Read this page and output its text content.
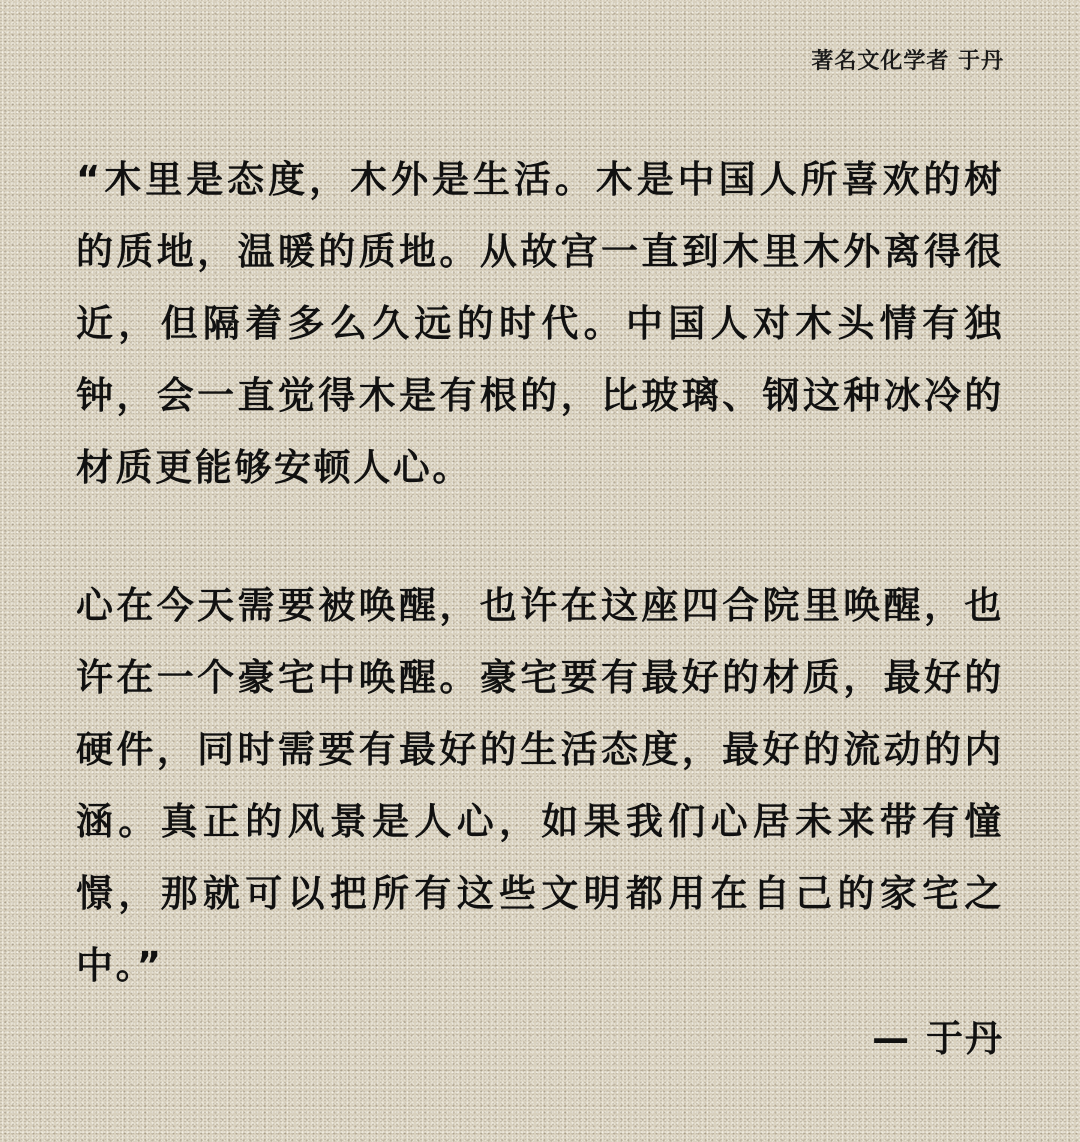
著名文化学者 于丹

“木里是态度，木外是生活。木是中国人所喜欢的树的质地，温暖的质地。从故宫一直到木里木外离得很近，但隔着多么久远的时代。中国人对木头情有独钟，会一直觉得木是有根的，比玻璃、钢这种冰冷的材质更能够安顿人心。

心在今天需要被唤醒，也许在这座四合院里唤醒，也许在一个豪宅中唤醒。豪宅要有最好的材质，最好的硬件，同时需要有最好的生活态度，最好的流动的内涵。真正的风景是人心，如果我们心居未来带有憧憬，那就可以把所有这些文明都用在自己的家宅之中。”

— 于丹
